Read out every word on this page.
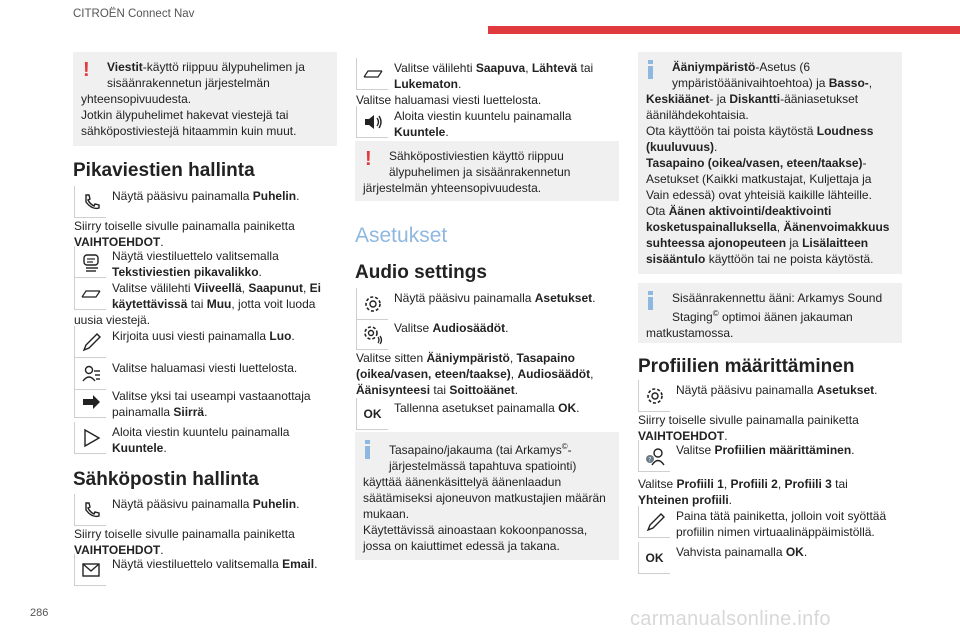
CITROËN Connect Nav
286	carmanualsonline.info
!	Viestit-käyttö riippuu älypuhelimen ja
sisäänrakennetun järjestelmän
yhteensopivuudesta.
Jotkin älypuhelimet hakevat viestejä tai
sähköpostiviestejä hitaammin kuin muut.
Pikaviestien hallinta
Sähköpostin hallinta
Näytä pääsivu painamalla Puhelin.
Siirry toiselle sivulle painamalla painiketta
VAIHTOEHDOT.
Näytä viestiluettelo valitsemalla
Tekstiviestien pikavalikko.
Valitse välilehti Viiveellä, Saapunut, Ei
käytettävissä tai Muu, jotta voit luoda
uusia viestejä.
Kirjoita uusi viesti painamalla Luo.
Valitse haluamasi viesti luettelosta.
Valitse yksi tai useampi vastaanottaja
painamalla Siirrä.
Aloita viestin kuuntelu painamalla
Kuuntele.
Näytä pääsivu painamalla Puhelin.
Siirry toiselle sivulle painamalla painiketta
VAIHTOEHDOT.
Näytä viestiluettelo valitsemalla Email.
Valitse välilehti Saapuva, Lähtevä tai
Lukematon.
Valitse haluamasi viesti luettelosta.
Aloita viestin kuuntelu painamalla
Kuuntele.
!	Sähköpostiviestien käyttö riippuu
älypuhelimen ja sisäänrakennetun
järjestelmän yhteensopivuudesta.
Asetukset
Audio settings
Näytä pääsivu painamalla Asetukset.
Valitse Audiosäädöt.
Valitse sitten Ääniympäristö, Tasapaino
(oikea/vasen, eteen/taakse), Audiosäädöt,
Äänisynteesi tai Soittoäänet.
OK Tallenna asetukset painamalla OK.
Tasapaino/jakauma (tai Arkamys©-
järjestelmässä tapahtuva spatiointi)
käyttää äänenkäsittelyä äänenlaadun
säätämiseksi ajoneuvon matkustajien määrän
mukaan.
Käytettävissä ainoastaan kokoonpanossa,
jossa on kaiuttimet edessä ja takana.
Ääniympäristö-Asetus (6
ympäristöäänivaihtoehtoa) ja Basso-,
Keskiäänet- ja Diskantti-ääniasetukset
äänilähdekohtaisia.
Ota käyttöön tai poista käytöstä Loudness
(kuuluvuus).
Tasapaino (oikea/vasen, eteen/taakse)-
Asetukset (Kaikki matkustajat, Kuljettaja ja
Vain edessä) ovat yhteisiä kaikille lähteille.
Ota Äänen aktivointi/deaktivointi
kosketuspainalluksella, Äänenvoimakkuus
suhteessa ajonopeuteen ja Lisälaitteen
sisääntulo käyttöön tai ne poista käytöstä.
Sisäänrakennettu ääni: Arkamys Sound
Staging© optimoi äänen jakauman
matkustamossa.
Profiilien määrittäminen
Näytä pääsivu painamalla Asetukset.
Siirry toiselle sivulle painamalla painiketta
VAIHTOEHDOT.
?
Valitse Profiilien määrittäminen.
Valitse Profiili 1, Profiili 2, Profiili 3 tai
Yhteinen profiili.
Paina tätä painiketta, jolloin voit syöttää
profiilin nimen virtuaalinäppäimistöllä.
OK Vahvista painamalla OK.
